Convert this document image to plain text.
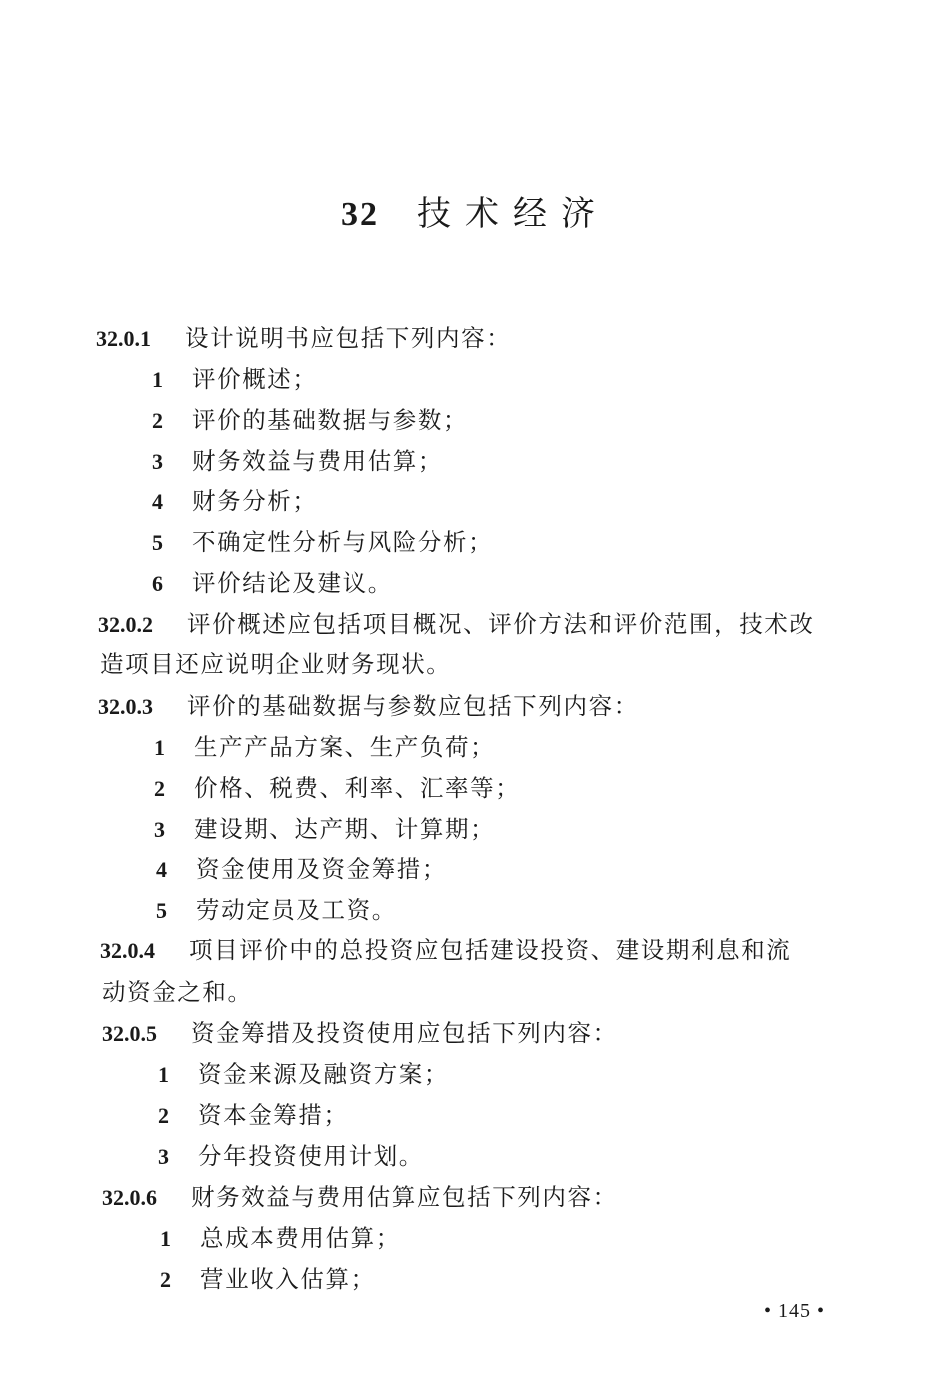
32 技术经济
32.0.1 设计说明书应包括下列内容：
1 评价概述；
2 评价的基础数据与参数；
3 财务效益与费用估算；
4 财务分析；
5 不确定性分析与风险分析；
6 评价结论及建议。
32.0.2 评价概述应包括项目概况、评价方法和评价范围，技术改
造项目还应说明企业财务现状。
32.0.3 评价的基础数据与参数应包括下列内容：
1 生产产品方案、生产负荷；
2 价格、税费、利率、汇率等；
3 建设期、达产期、计算期；
4 资金使用及资金筹措；
5 劳动定员及工资。
32.0.4 项目评价中的总投资应包括建设投资、建设期利息和流
动资金之和。
32.0.5 资金筹措及投资使用应包括下列内容：
1 资金来源及融资方案；
2 资本金筹措；
3 分年投资使用计划。
32.0.6 财务效益与费用估算应包括下列内容：
1 总成本费用估算；
2 营业收入估算；
• 145 •
